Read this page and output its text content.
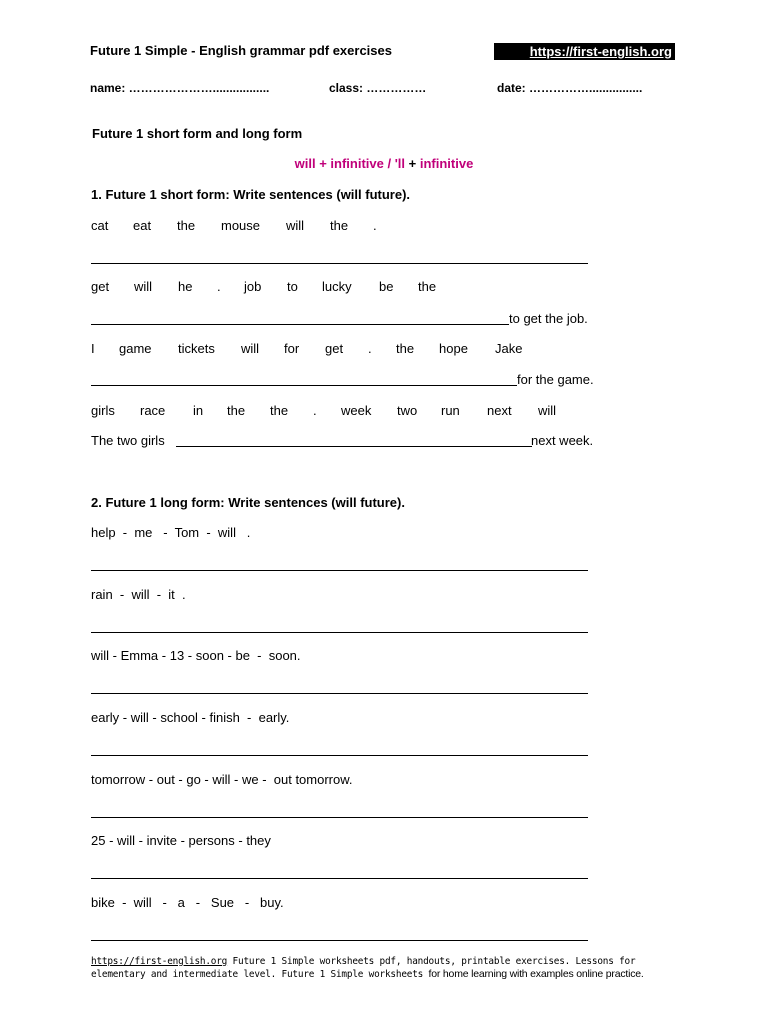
Future 1 Simple - English grammar pdf exercises	https://first-english.org
name: ………………….................	class: ……………	date: ……………................
Future 1 short form and long form
will + infinitive / 'll + infinitive
1. Future 1 short form: Write sentences (will future).
cat eat the mouse will the .
get will he . job to lucky be the
to get the job.
I game tickets will for get . the hope Jake
for the game.
girls race in the the . week two run next will
The two girls	next week.
2. Future 1 long form: Write sentences (will future).
help  -  me   -  Tom  -  will   .
rain  -  will  -  it  .
will - Emma - 13 - soon - be  -  soon.
early - will - school - finish  -  early.
tomorrow - out - go - will - we -  out tomorrow.
25 - will - invite - persons - they
bike  -  will   -   a   -   Sue   -   buy.
https://first-english.org Future 1 Simple worksheets pdf, handouts, printable exercises. Lessons for elementary and intermediate level. Future 1 Simple worksheets for home learning with examples online practice.
